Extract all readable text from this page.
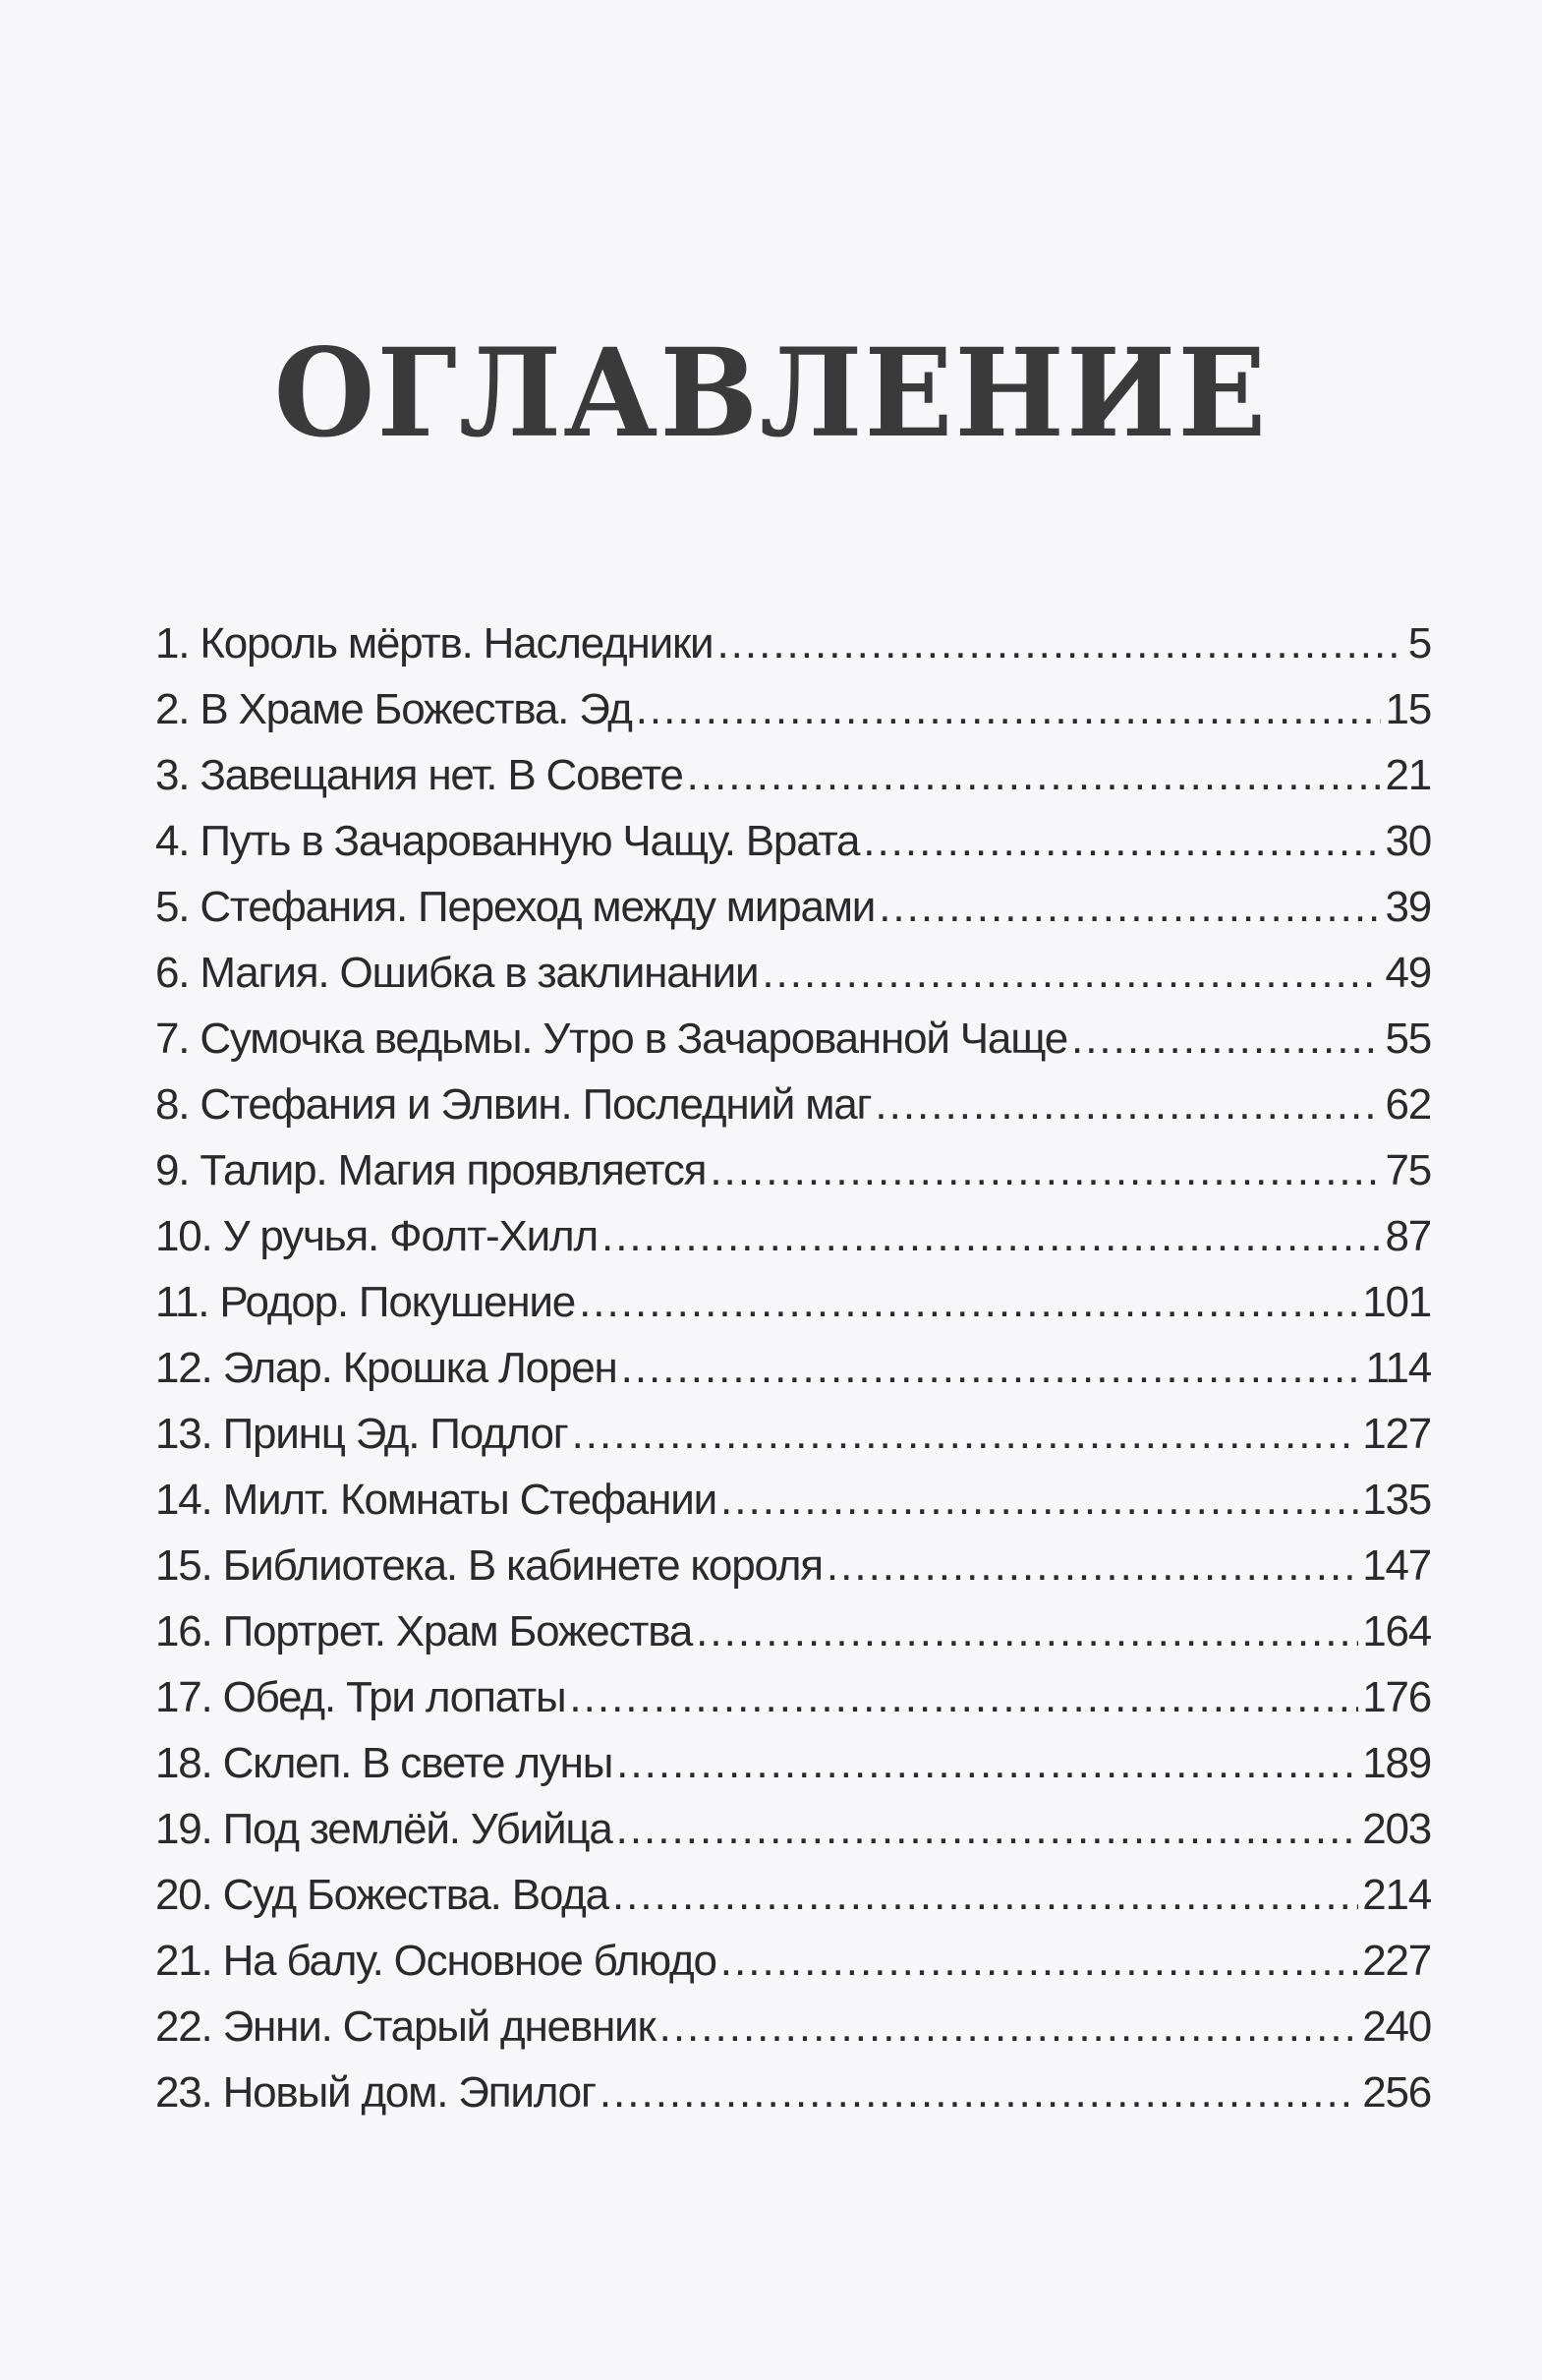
ОГЛАВЛЕНИЕ
1. Король мёртв. Наследники .....	5
2. В Храме Божества. Эд .....	15
3. Завещания нет. В Совете .....	21
4. Путь в Зачарованную Чащу. Врата .....	30
5. Стефания. Переход между мирами .....	39
6. Магия. Ошибка в заклинании .....	49
7. Сумочка ведьмы. Утро в Зачарованной Чаще .....	55
8. Стефания и Элвин. Последний маг .....	62
9. Талир. Магия проявляется .....	75
10. У ручья. Фолт-Хилл .....	87
11. Родор. Покушение .....	101
12. Элар. Крошка Лорен .....	114
13. Принц Эд. Подлог .....	127
14. Милт. Комнаты Стефании .....	135
15. Библиотека. В кабинете короля .....	147
16. Портрет. Храм Божества .....	164
17. Обед. Три лопаты .....	176
18. Склеп. В свете луны .....	189
19. Под землёй. Убийца .....	203
20. Суд Божества. Вода .....	214
21. На балу. Основное блюдо .....	227
22. Энни. Старый дневник .....	240
23. Новый дом. Эпилог .....	256
